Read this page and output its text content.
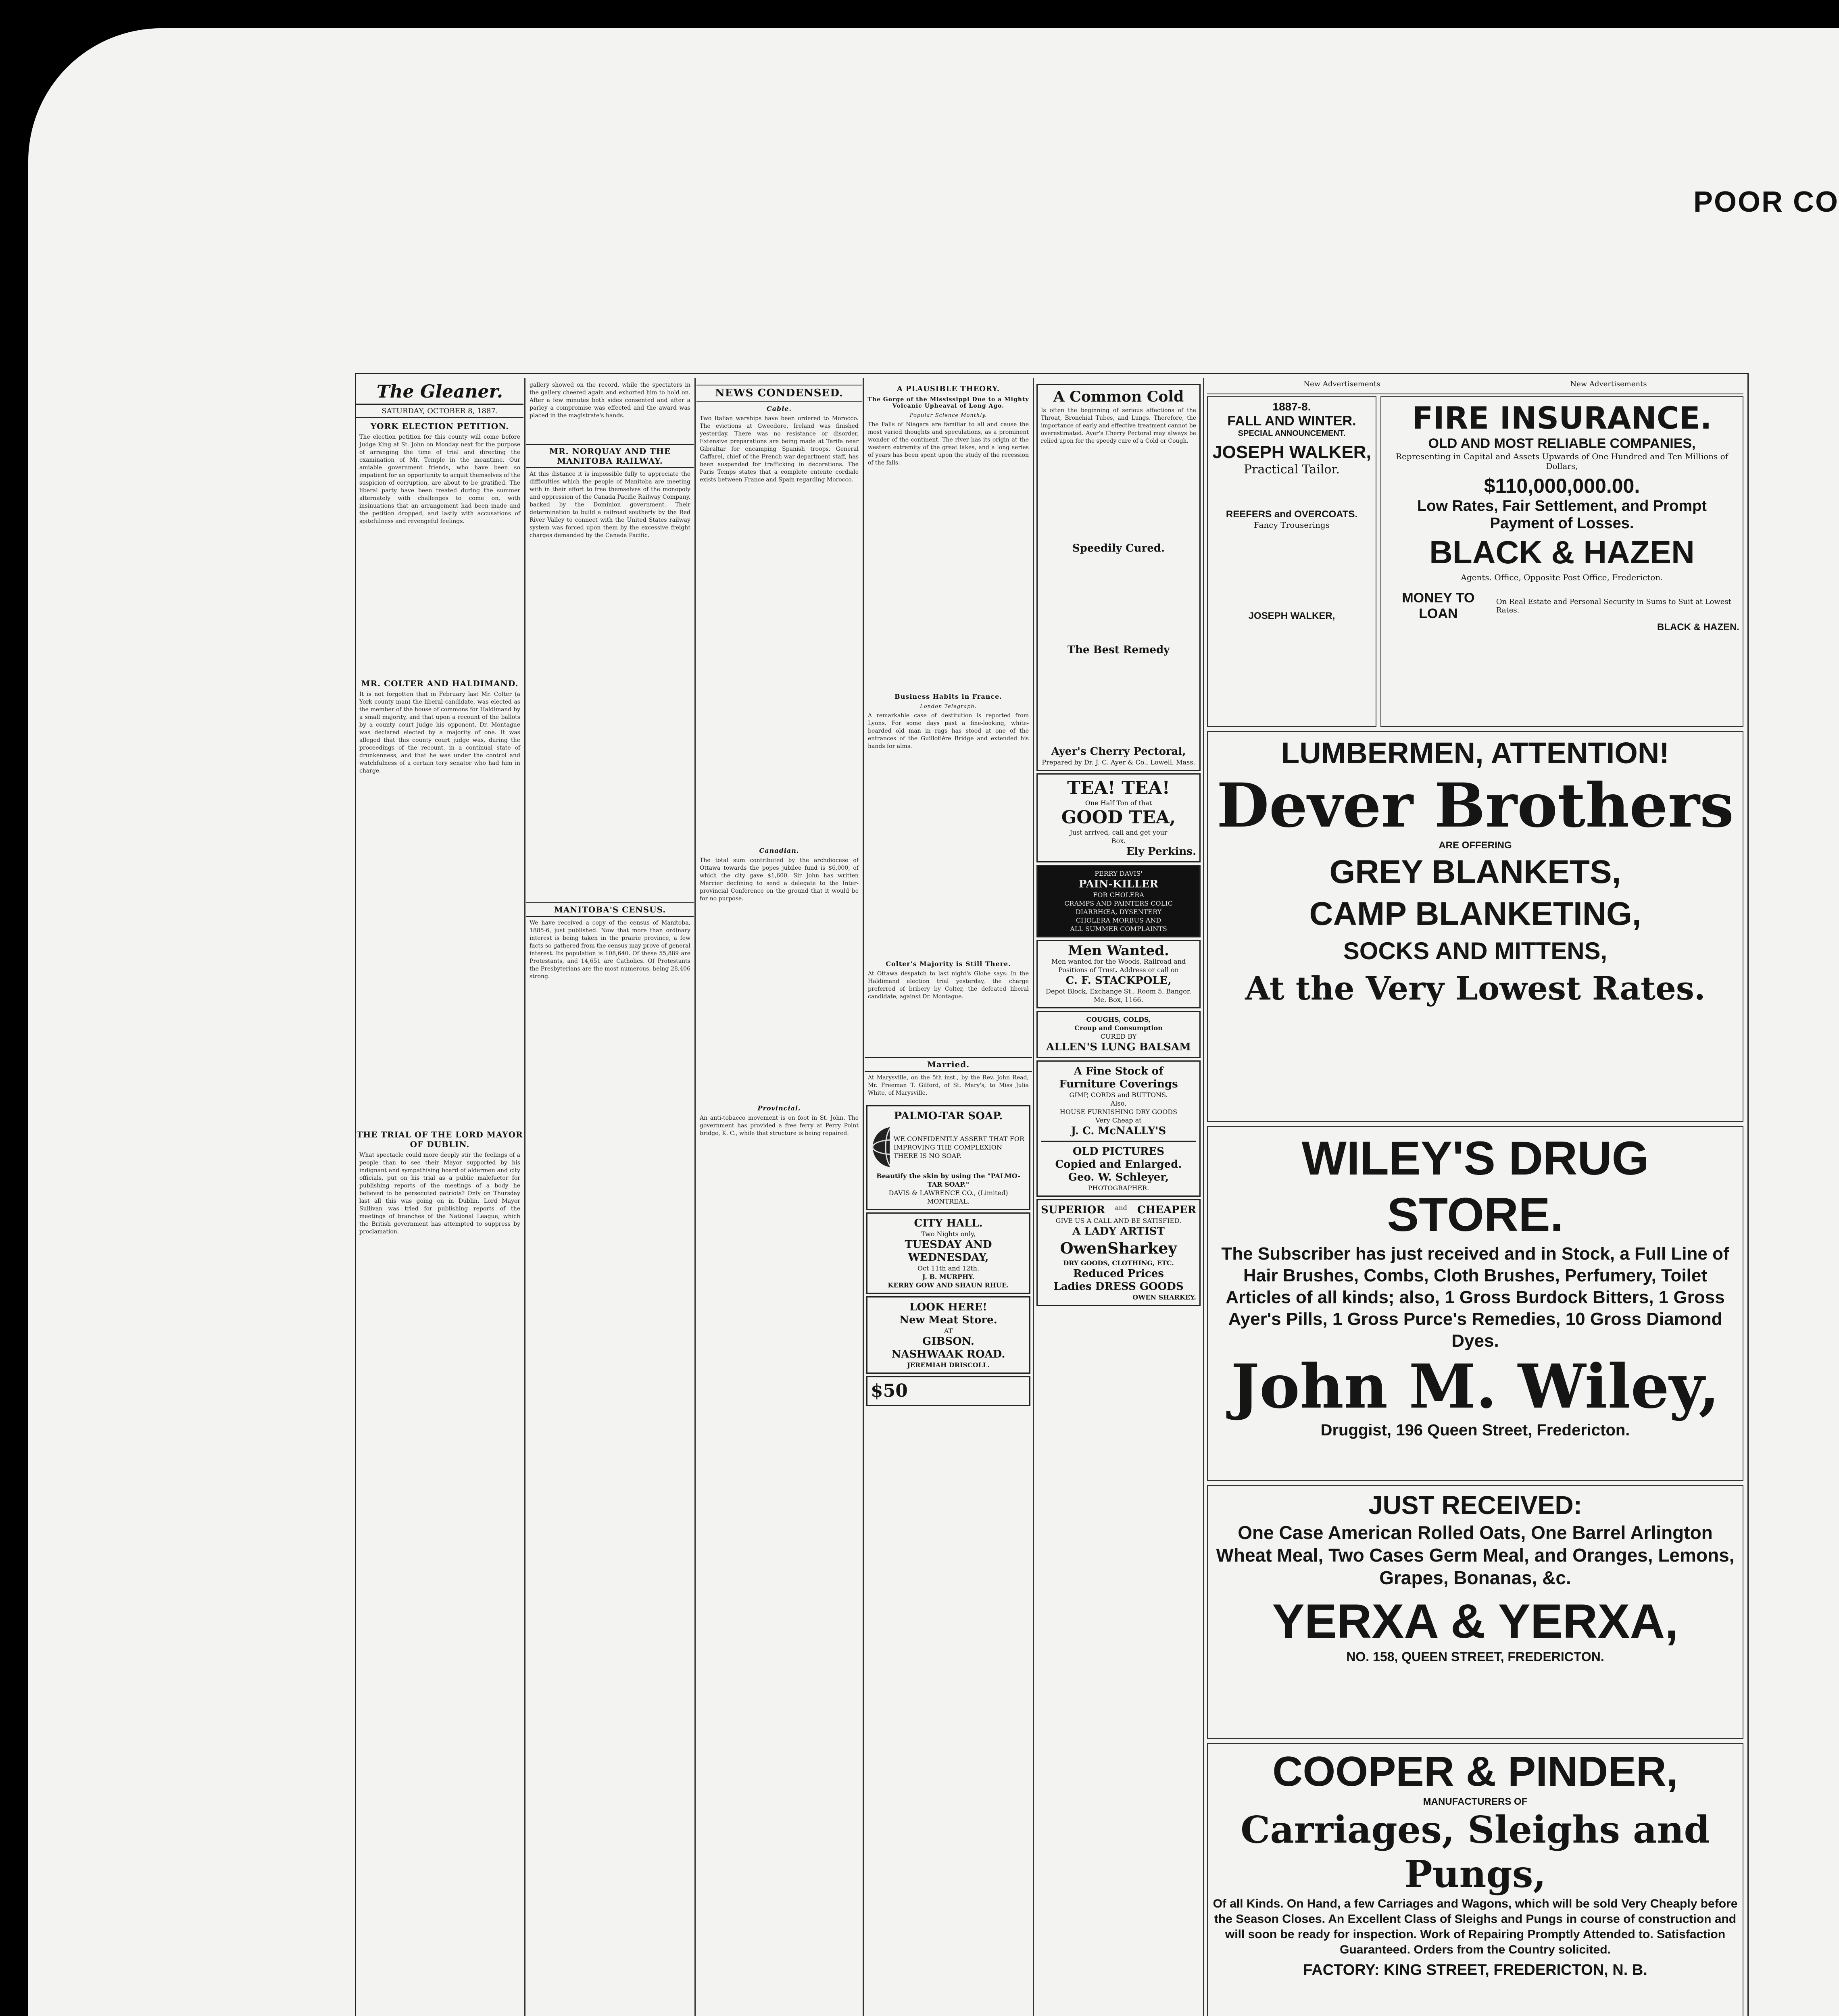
POOR CO
The Gleaner.
SATURDAY, OCTOBER 8, 1887.
YORK ELECTION PETITION.
The election petition for this county will come before Judge King at St. John on Monday next for the purpose of arranging the time of trial and directing the examination of Mr. Temple in the meantime. Our amiable government friends, who have been so impatient for an opportunity to acquit themselves of the suspicion of corruption, are about to be gratified. The liberal party have been treated during the summer alternately with challenges to come on, with insinuations that an arrangement had been made and the petition dropped, and lastly with accusations of spitefulness and revengeful feelings.
MR. COLTER AND HALDIMAND.
It is not forgotten that in February last Mr. Colter (a York county man) the liberal candidate, was elected as the member of the house of commons for Haldimand by a small majority, and that upon a recount of the ballots by a county court judge his opponent, Dr. Montague was declared elected by a majority of one. It was alleged that this county court judge was, during the proceedings of the recount, in a continual state of drunkenness, and that he was under the control and watchfulness of a certain tory senator who had him in charge.
THE TRIAL OF THE LORD MAYOR OF DUBLIN.
What spectacle could more deeply stir the feelings of a people than to see their Mayor supported by his indignant and sympathising board of aldermen and city officials, put on his trial as a public malefactor for publishing reports of the meetings of a body he believed to be persecuted patriots? Only on Thursday last all this was going on in Dublin. Lord Mayor Sullivan was tried for publishing reports of the meetings of branches of the National League, which the British government has attempted to suppress by proclamation.
gallery showed on the record, while the spectators in the gallery cheered again and exhorted him to hold on. After a few minutes both sides consented and after a parley a compromise was effected and the award was placed in the magistrate's hands.
MR. NORQUAY AND THE MANITOBA RAILWAY.
At this distance it is impossible fully to appreciate the difficulties which the people of Manitoba are meeting with in their effort to free themselves of the monopoly and oppression of the Canada Pacific Railway Company, backed by the Dominion government. Their determination to build a railroad southerly by the Red River Valley to connect with the United States railway system was forced upon them by the excessive freight charges demanded by the Canada Pacific.
MANITOBA'S CENSUS.
We have received a copy of the census of Manitoba, 1885-6, just published. Now that more than ordinary interest is being taken in the prairie province, a few facts so gathered from the census may prove of general interest. Its population is 108,640. Of these 55,889 are Protestants, and 14,651 are Catholics. Of Protestants the Presbyterians are the most numerous, being 28,406 strong.
NEWS CONDENSED.
Cable.
Two Italian warships have been ordered to Morocco. The evictions at Gweedore, Ireland was finished yesterday. There was no resistance or disorder. Extensive preparations are being made at Tarifa near Gibraltar for encamping Spanish troops. General Caffarel, chief of the French war department staff, has been suspended for trafficking in decorations. The Paris Temps states that a complete entente cordiale exists between France and Spain regarding Morocco.
Canadian.
The total sum contributed by the archdiocese of Ottawa towards the popes jubilee fund is $6,000, of which the city gave $1,600. Sir John has written Mercier declining to send a delegate to the Inter-provincial Conference on the ground that it would be for no purpose.
Provincial.
An anti-tobacco movement is on foot in St. John. The government has provided a free ferry at Perry Point bridge, K. C., while that structure is being repaired.
A PLAUSIBLE THEORY.
The Gorge of the Mississippi Due to a Mighty Volcanic Upheaval of Long Ago.
Popular Science Monthly.
The Falls of Niagara are familiar to all and cause the most varied thoughts and speculations, as a prominent wonder of the continent. The river has its origin at the western extremity of the great lakes, and a long series of years has been spent upon the study of the recession of the falls.
Business Habits in France.
London Telegraph.
A remarkable case of destitution is reported from Lyons. For some days past a fine-looking, white-bearded old man in rags has stood at one of the entrances of the Guillotière Bridge and extended his hands for alms.
Colter's Majority is Still There.
At Ottawa despatch to last night's Globe says: In the Haldimand election trial yesterday, the charge preferred of bribery by Colter, the defeated liberal candidate, against Dr. Montague.
Married.
At Marysville, on the 5th inst., by the Rev. John Read, Mr. Freeman T. Gilford, of St. Mary's, to Miss Julia White, of Marysville.
PALMO-TAR SOAP.
WE CONFIDENTLY ASSERT THAT FOR IMPROVING THE COMPLEXION THERE IS NO SOAP.
Beautify the skin by using the "PALMO-TAR SOAP."
DAVIS & LAWRENCE CO., (Limited) MONTREAL.
CITY HALL.
Two Nights only,
TUESDAY AND WEDNESDAY,
Oct 11th and 12th.
J. B. MURPHY.
KERRY GOW AND SHAUN RHUE.
LOOK HERE!
New Meat Store.
AT
GIBSON.
NASHWAAK ROAD.
JEREMIAH DRISCOLL.
$50
A Common Cold
Is often the beginning of serious affections of the Throat, Bronchial Tubes, and Lungs. Therefore, the importance of early and effective treatment cannot be overestimated. Ayer's Cherry Pectoral may always be relied upon for the speedy cure of a Cold or Cough.
Speedily Cured.
The Best Remedy
Ayer's Cherry Pectoral,
Prepared by Dr. J. C. Ayer & Co., Lowell, Mass.
TEA! TEA!
One Half Ton of that
GOOD TEA,
Just arrived, call and get your
Box.
Ely Perkins.
PERRY DAVIS'
PAIN-KILLER
FOR CHOLERA
CRAMPS AND PAINTERS COLIC
DIARRHŒA, DYSENTERY
CHOLERA MORBUS AND
ALL SUMMER COMPLAINTS
Men Wanted.
Men wanted for the Woods, Railroad and Positions of Trust. Address or call on
C. F. STACKPOLE,
Depot Block, Exchange St., Room 5, Bangor, Me. Box, 1166.
COUGHS, COLDS,
Croup and Consumption
CURED BY
ALLEN'S LUNG BALSAM
A Fine Stock of
Furniture Coverings
GIMP, CORDS and BUTTONS.
Also,
HOUSE FURNISHING DRY GOODS
Very Cheap at
J. C. McNALLY'S
OLD PICTURES
Copied and Enlarged.
Geo. W. Schleyer,
PHOTOGRAPHER.
SUPERIOR and CHEAPER
GIVE US A CALL AND BE SATISFIED.
A LADY ARTIST
OwenSharkey
DRY GOODS, CLOTHING, ETC.
Reduced Prices
Ladies DRESS GOODS
OWEN SHARKEY.
New Advertisements	New Advertisements
1887-8.
FALL AND WINTER.
SPECIAL ANNOUNCEMENT.
JOSEPH WALKER,
Practical Tailor.
REEFERS and OVERCOATS.
Fancy Trouserings
JOSEPH WALKER,
FIRE INSURANCE.
OLD AND MOST RELIABLE COMPANIES,
Representing in Capital and Assets Upwards of One Hundred and Ten Millions of Dollars,
$110,000,000.00.
Low Rates, Fair Settlement, and Prompt Payment of Losses.
BLACK & HAZEN
Agents. Office, Opposite Post Office, Fredericton.
MONEY TO LOAN
On Real Estate and Personal Security in Sums to Suit at Lowest Rates.
BLACK & HAZEN.
LUMBERMEN, ATTENTION!
Dever Brothers
ARE OFFERING
GREY BLANKETS,
CAMP BLANKETING,
SOCKS AND MITTENS,
At the Very Lowest Rates.
WILEY'S DRUG STORE.
The Subscriber has just received and in Stock, a Full Line of Hair Brushes, Combs, Cloth Brushes, Perfumery, Toilet Articles of all kinds; also, 1 Gross Burdock Bitters, 1 Gross Ayer's Pills, 1 Gross Purce's Remedies, 10 Gross Diamond Dyes.
John M. Wiley,
Druggist, 196 Queen Street, Fredericton.
JUST RECEIVED:
One Case American Rolled Oats, One Barrel Arlington Wheat Meal, Two Cases Germ Meal, and Oranges, Lemons, Grapes, Bonanas, &c.
YERXA & YERXA,
NO. 158, QUEEN STREET, FREDERICTON.
COOPER & PINDER,
MANUFACTURERS OF
Carriages, Sleighs and Pungs,
Of all Kinds. On Hand, a few Carriages and Wagons, which will be sold Very Cheaply before the Season Closes. An Excellent Class of Sleighs and Pungs in course of construction and will soon be ready for inspection. Work of Repairing Promptly Attended to. Satisfaction Guaranteed. Orders from the Country solicited.
FACTORY: KING STREET, FREDERICTON, N. B.
